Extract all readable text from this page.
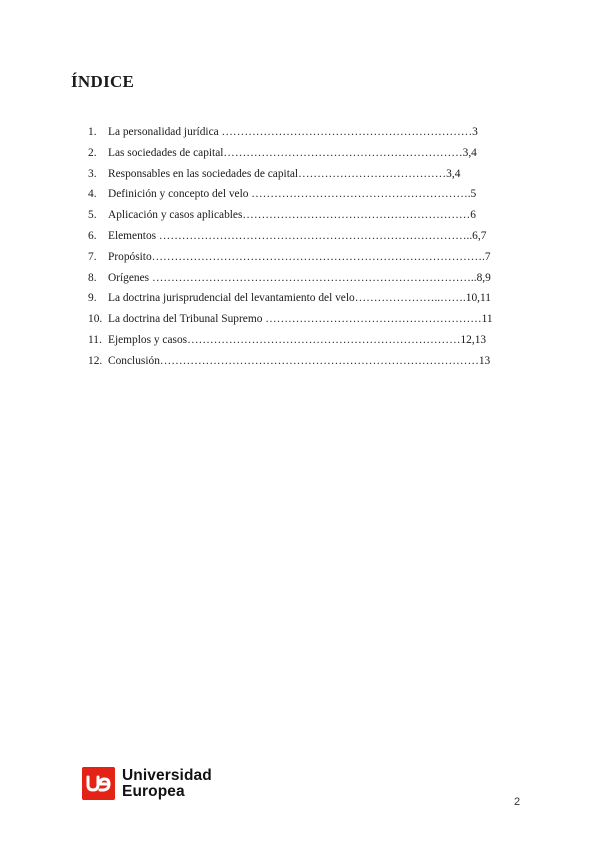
ÍNDICE
1. La personalidad jurídica …………………………………………………………3
2. Las sociedades de capital………………………………………………………3,4
3. Responsables en las sociedades de capital…………………………………3,4
4. Definición y concepto del velo ………………………………………………….5
5. Aplicación y casos aplicables……………………………………………………6
6. Elementos ………………………………………………………………………..6,7
7. Propósito…………………………………………………………………………….7
8. Orígenes …………………………………………………………………………..8,9
9. La doctrina jurisprudencial del levantamiento del velo…………………..…….10,11
10. La doctrina del Tribunal Supremo …………………………………………………11
11. Ejemplos y casos………………………………………………………………12,13
12. Conclusión…………………………………………………………………………13
Universidad
Europea
2
